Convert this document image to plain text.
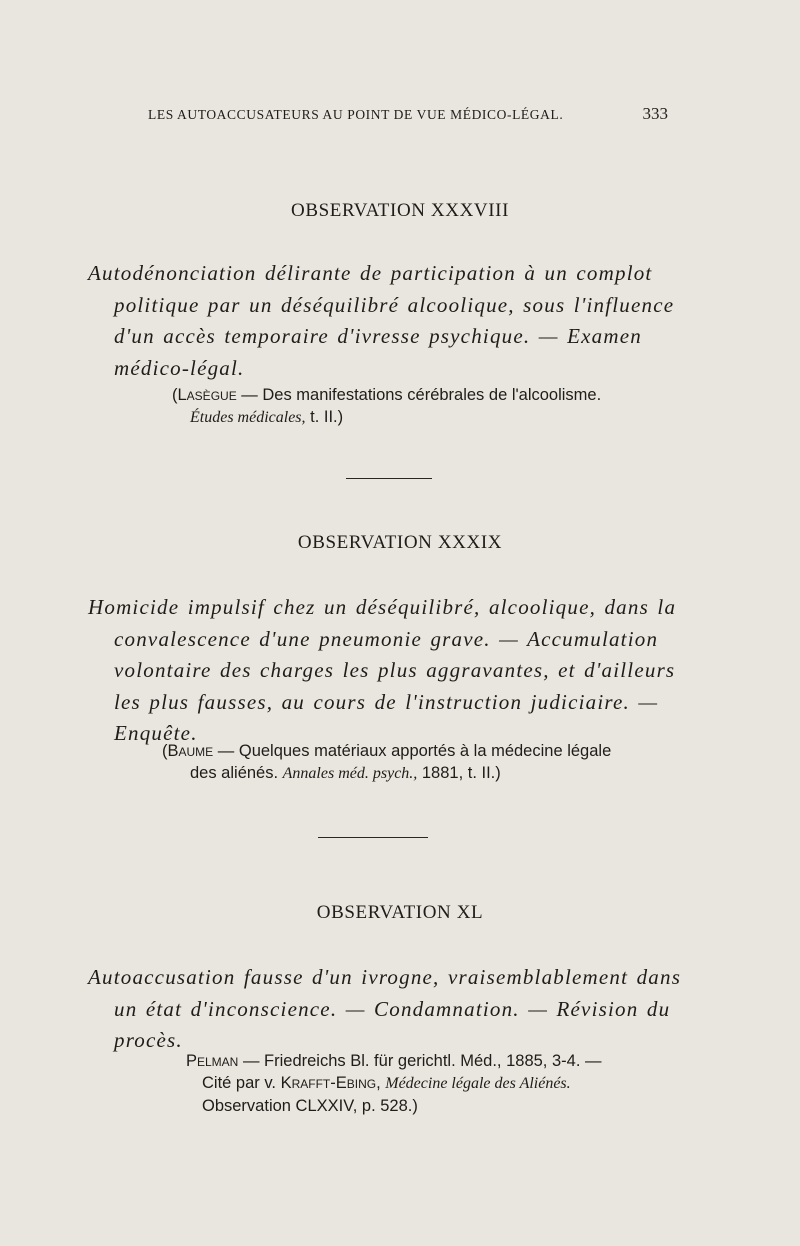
LES AUTOACCUSATEURS AU POINT DE VUE MÉDICO-LÉGAL.	333
OBSERVATION XXXVIII
Autodénonciation délirante de participation à un complot
politique par un déséquilibré alcoolique, sous l'influence
d'un accès temporaire d'ivresse psychique. — Examen
médico-légal.
(Lasègue — Des manifestations cérébrales de l'alcoolisme.
Études médicales, t. II.)
OBSERVATION XXXIX
Homicide impulsif chez un déséquilibré, alcoolique, dans la
convalescence d'une pneumonie grave. — Accumulation
volontaire des charges les plus aggravantes, et d'ailleurs
les plus fausses, au cours de l'instruction judiciaire. —
Enquête.
(Baume — Quelques matériaux apportés à la médecine légale
des aliénés. Annales méd. psych., 1881, t. II.)
OBSERVATION XL
Autoaccusation fausse d'un ivrogne, vraisemblablement dans
un état d'inconscience. — Condamnation. — Révision du
procès.
Pelman — Friedreichs Bl. für gerichtl. Méd., 1885, 3-4. —
Cité par v. Krafft-Ebing, Médecine légale des Aliénés.
Observation CLXXIV, p. 528.)
